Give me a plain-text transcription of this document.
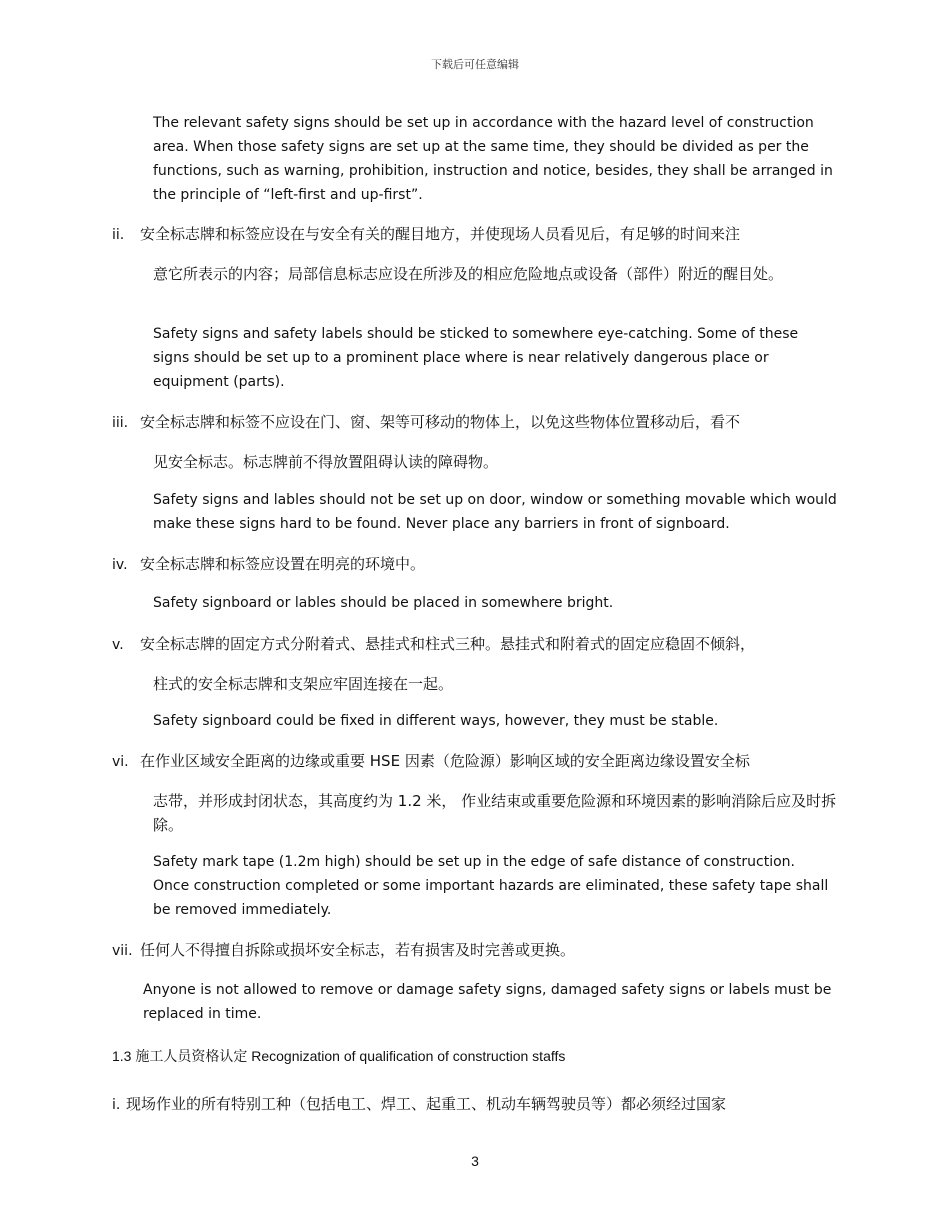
下载后可任意编辑
The relevant safety signs should be set up in accordance with the hazard level of construction area. When those safety signs are set up at the same time, they should be divided as per the functions, such as warning, prohibition, instruction and notice, besides, they shall be arranged in the principle of “left-first and up-first”.
ii. 安全标志牌和标签应设在与安全有关的醒目地方，并使现场人员看见后，有足够的时间来注
意它所表示的内容；局部信息标志应设在所涉及的相应危险地点或设备（部件）附近的醒目处。
Safety signs and safety labels should be sticked to somewhere eye-catching. Some of these signs should be set up to a prominent place where is near relatively dangerous place or equipment (parts).
iii. 安全标志牌和标签不应设在门、窗、架等可移动的物体上，以免这些物体位置移动后，看不
见安全标志。标志牌前不得放置阻碍认读的障碍物。
Safety signs and lables should not be set up on door, window or something movable which would make these signs hard to be found. Never place any barriers in front of signboard.
iv. 安全标志牌和标签应设置在明亮的环境中。
Safety signboard or lables should be placed in somewhere bright.
v. 安全标志牌的固定方式分附着式、悬挂式和柱式三种。悬挂式和附着式的固定应稳固不倾斜，
柱式的安全标志牌和支架应牢固连接在一起。
Safety signboard could be fixed in different ways, however, they must be stable.
vi. 在作业区域安全距离的边缘或重要 HSE 因素（危险源）影响区域的安全距离边缘设置安全标
志带，并形成封闭状态，其高度约为 1.2 米， 作业结束或重要危险源和环境因素的影响消除后应及时拆除。
Safety mark tape (1.2m high) should be set up in the edge of safe distance of construction. Once construction completed or some important hazards are eliminated, these safety tape shall be removed immediately.
vii. 任何人不得擅自拆除或损坏安全标志，若有损害及时完善或更换。
Anyone is not allowed to remove or damage safety signs, damaged safety signs or labels must be replaced in time.
1.3 施工人员资格认定 Recognization of qualification of construction staffs
i. 现场作业的所有特别工种（包括电工、焊工、起重工、机动车辆驾驶员等）都必须经过国家
3
